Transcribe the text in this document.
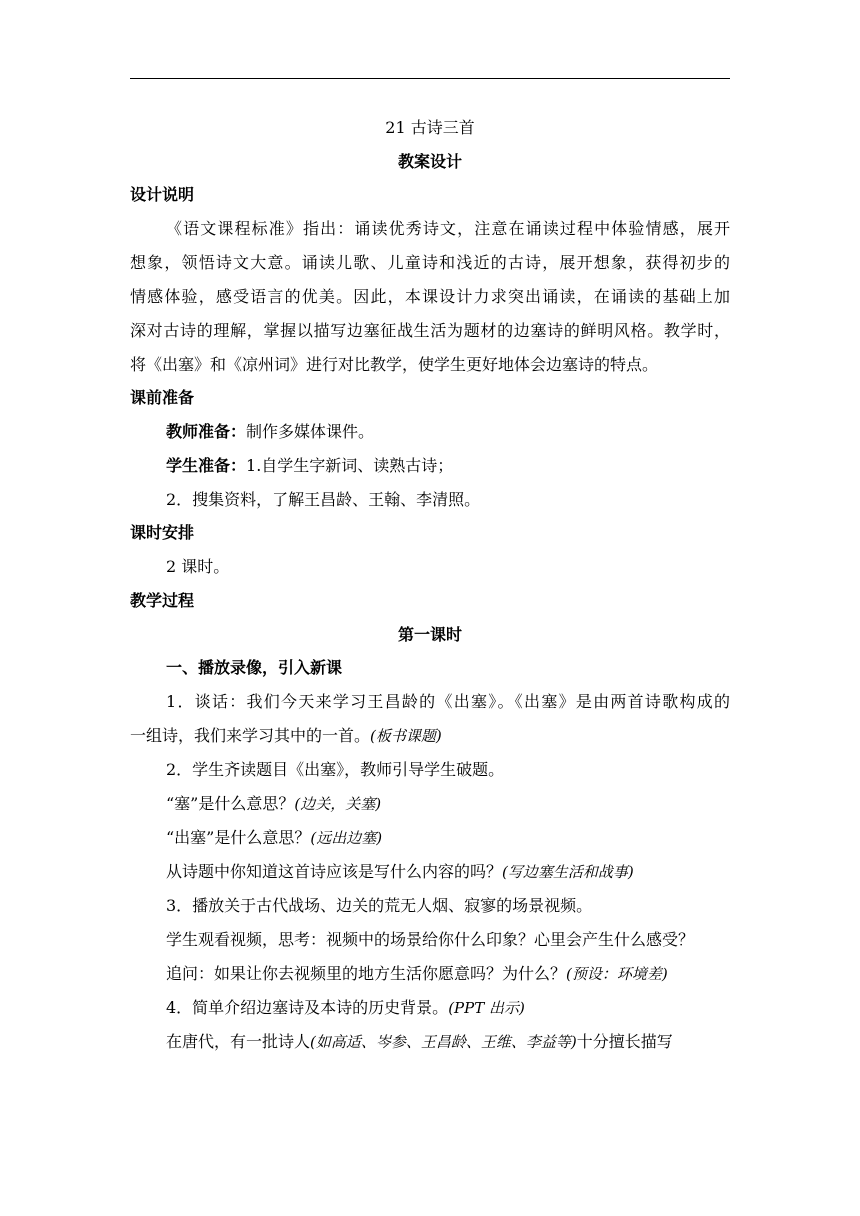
21 古诗三首
教案设计
设计说明
《语文课程标准》指出：诵读优秀诗文，注意在诵读过程中体验情感，展开
想象，领悟诗文大意。诵读儿歌、儿童诗和浅近的古诗，展开想象，获得初步的
情感体验，感受语言的优美。因此，本课设计力求突出诵读，在诵读的基础上加
深对古诗的理解，掌握以描写边塞征战生活为题材的边塞诗的鲜明风格。教学时，
将《出塞》和《凉州词》进行对比教学，使学生更好地体会边塞诗的特点。
课前准备
教师准备：制作多媒体课件。
学生准备：1.自学生字新词、读熟古诗；
2．搜集资料，了解王昌龄、王翰、李清照。
课时安排
2 课时。
教学过程
第一课时
一、播放录像，引入新课
1．谈话：我们今天来学习王昌龄的《出塞》。《出塞》是由两首诗歌构成的
一组诗，我们来学习其中的一首。(板书课题)
2．学生齐读题目《出塞》，教师引导学生破题。
“塞”是什么意思？(边关，关塞)
“出塞”是什么意思？(远出边塞)
从诗题中你知道这首诗应该是写什么内容的吗？(写边塞生活和战事)
3．播放关于古代战场、边关的荒无人烟、寂寥的场景视频。
学生观看视频，思考：视频中的场景给你什么印象？心里会产生什么感受？
追问：如果让你去视频里的地方生活你愿意吗？为什么？(预设：环境差)
4．简单介绍边塞诗及本诗的历史背景。(PPT 出示)
在唐代，有一批诗人(如高适、岑参、王昌龄、王维、李益等)十分擅长描写
